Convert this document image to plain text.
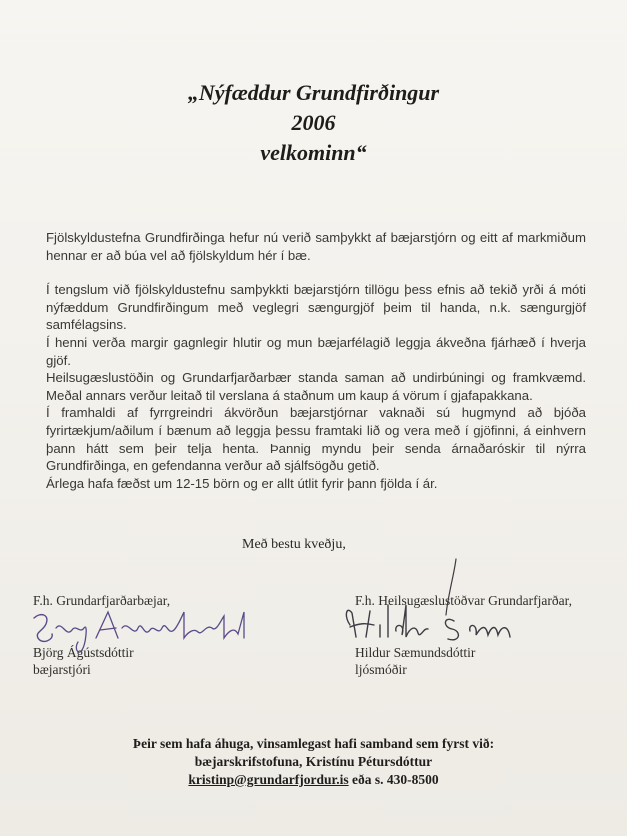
„Nýfæddur Grundfirðingur
2006
velkominn“

Fjölskyldustefna Grundfirðinga hefur nú verið samþykkt af bæjarstjórn og eitt af markmiðum hennar er að búa vel að fjölskyldum hér í bæ.

Í tengslum við fjölskyldustefnu samþykkti bæjarstjórn tillögu þess efnis að tekið yrði á móti nýfæddum Grundfirðingum með veglegri sængurgjöf þeim til handa, n.k. sængurgjöf samfélagsins.

Í henni verða margir gagnlegir hlutir og mun bæjarfélagið leggja ákveðna fjárhæð í hverja gjöf.

Heilsugæslustöðin og Grundarfjarðarbær standa saman að undirbúningi og framkvæmd. Meðal annars verður leitað til verslana á staðnum um kaup á vörum í gjafapakkana.

Í framhaldi af fyrrgreindri ákvörðun bæjarstjórnar vaknaði sú hugmynd að bjóða fyrirtækjum/aðilum í bænum að leggja þessu framtaki lið og vera með í gjöfinni, á einhvern þann hátt sem þeir telja henta. Þannig myndu þeir senda árnaðaróskir til nýrra Grundfirðinga, en gefendanna verður að sjálfsögðu getið.

Árlega hafa fæðst um 12-15 börn og er allt útlit fyrir þann fjölda í ár.

Með bestu kveðju,
F.h. Grundarfjarðarbæjar,
Björg Ágústsdóttir
bæjarstjóri
F.h. Heilsugæslustöðvar Grundarfjarðar,
Hildur Sæmundsdóttir
ljósmóðir
Þeir sem hafa áhuga, vinsamlegast hafi samband sem fyrst við:
bæjarskrifstofuna, Kristínu Pétursdóttur
kristinp@grundarfjordur.is eða s. 430-8500
